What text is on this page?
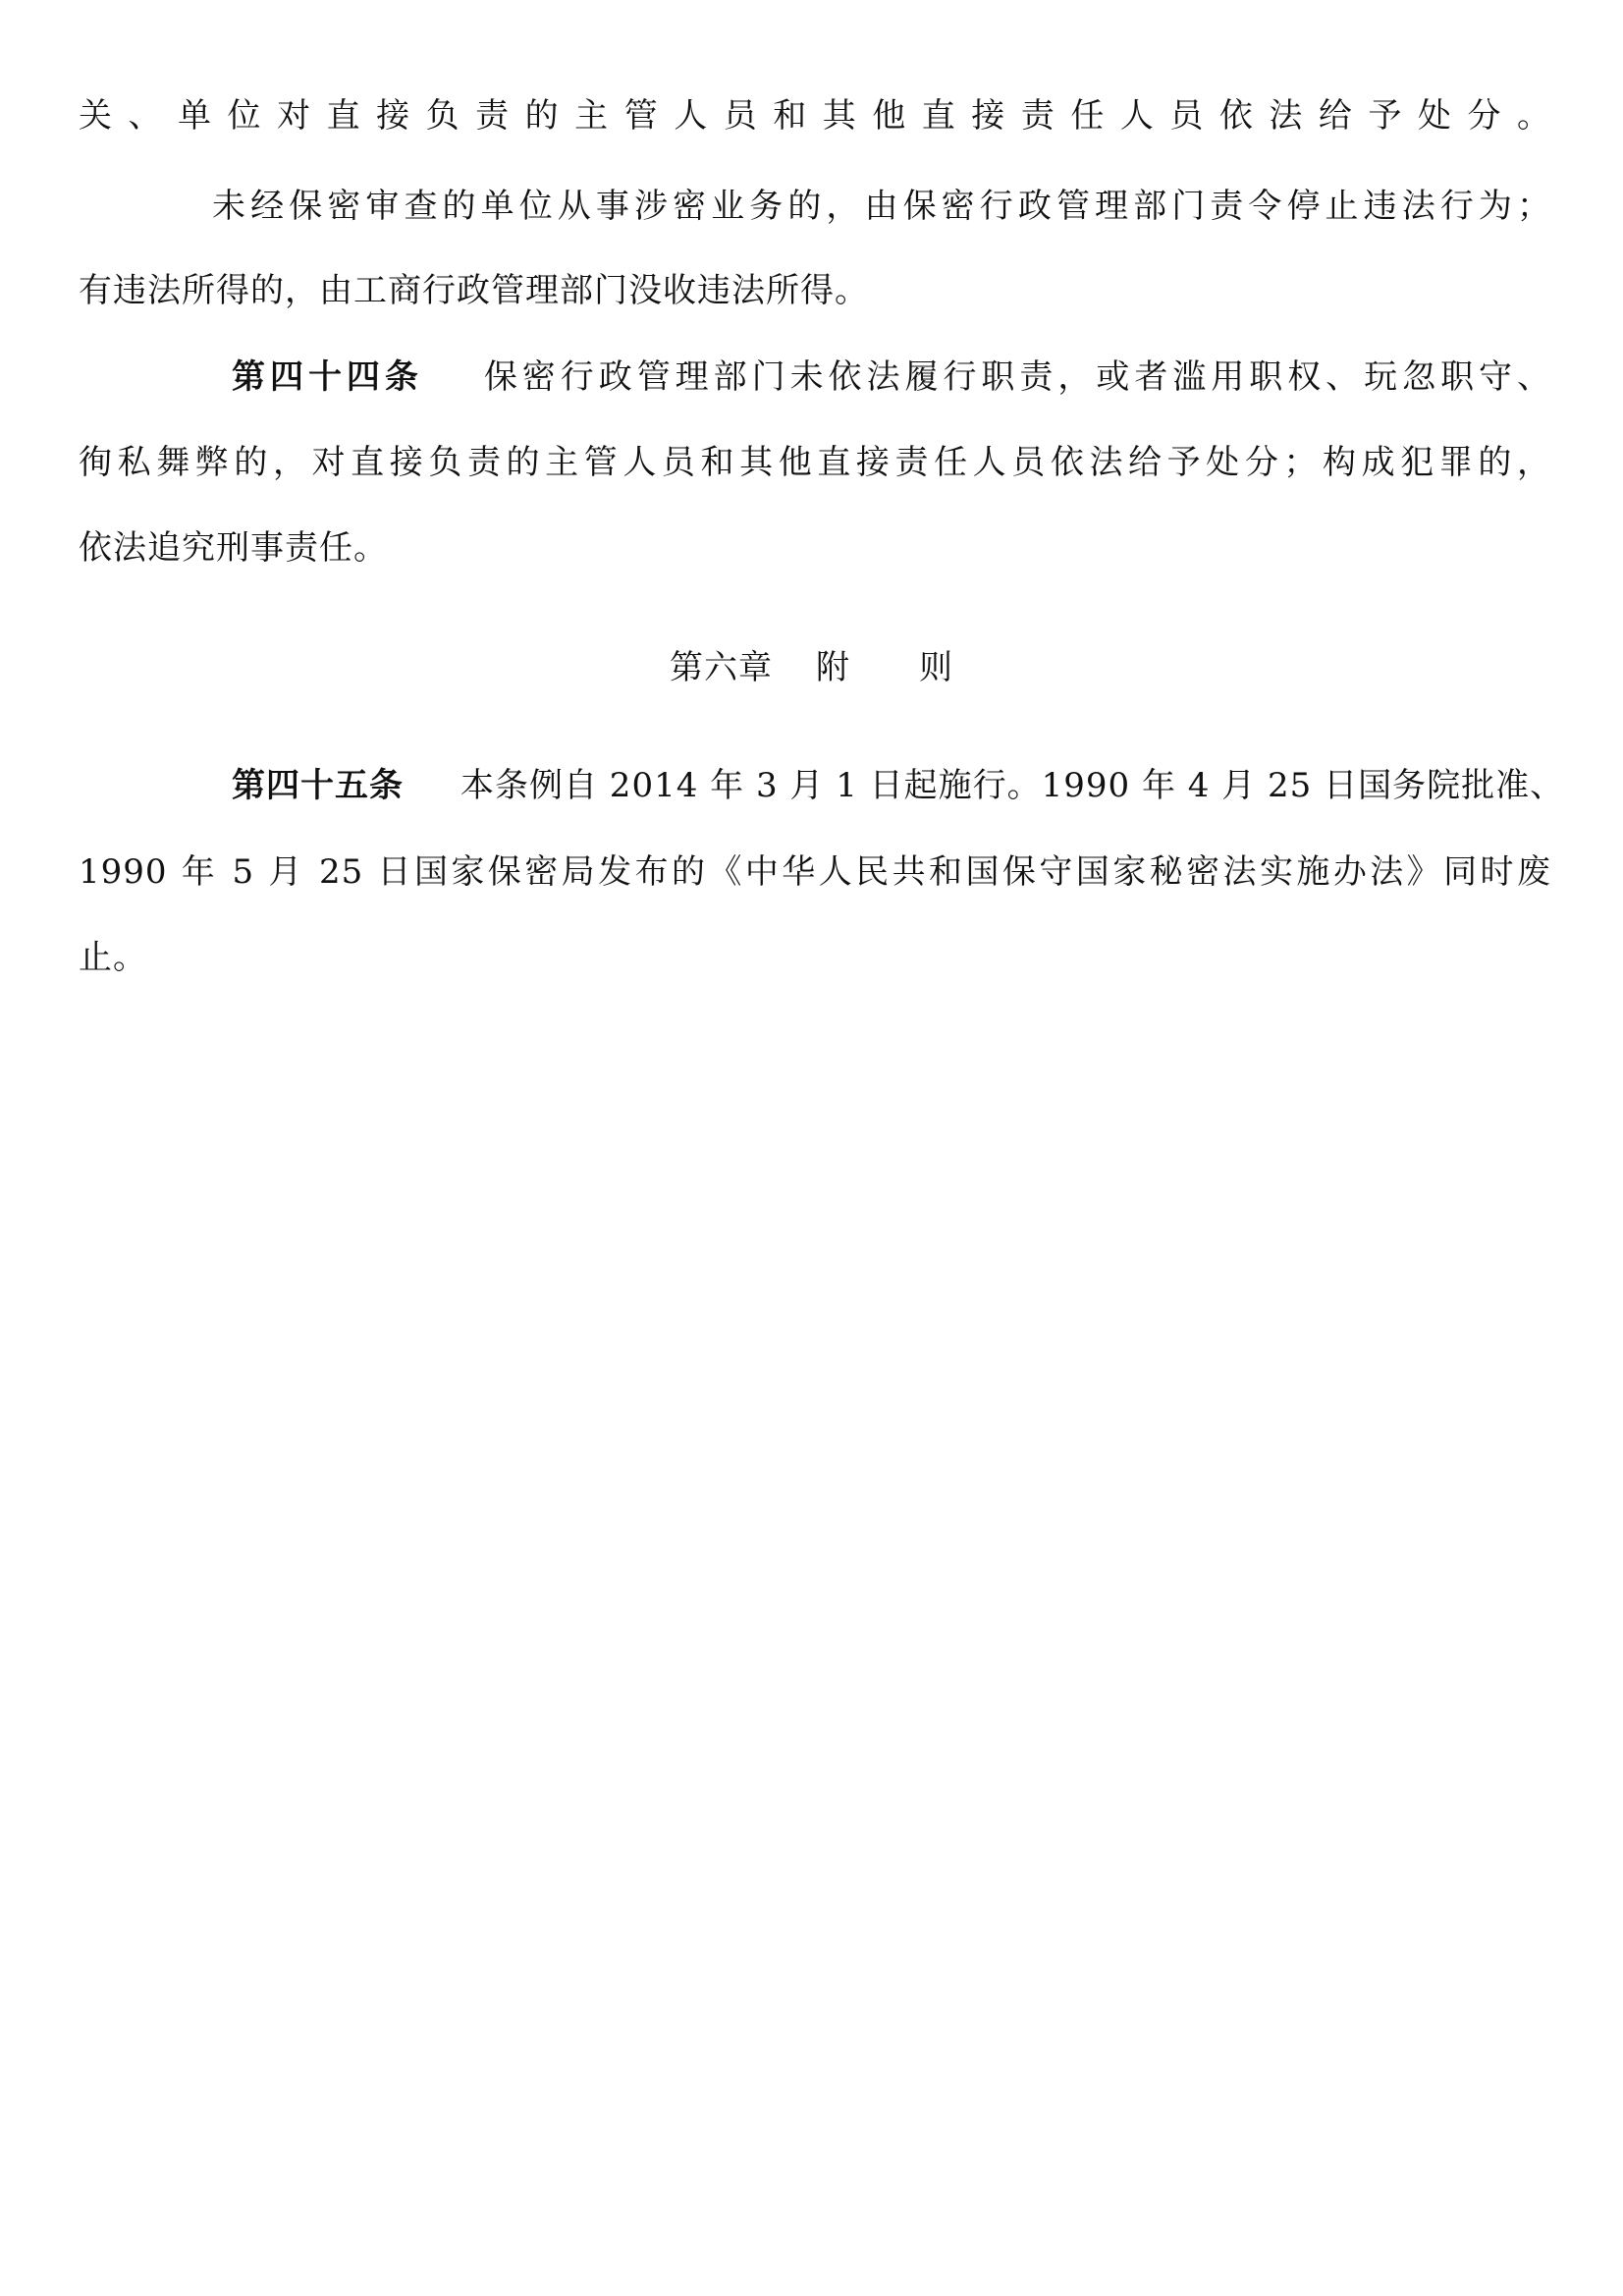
关、单位对直接负责的主管人员和其他直接责任人员依法给予处分。
未经保密审查的单位从事涉密业务的，由保密行政管理部门责令停止违法行为；
有违法所得的，由工商行政管理部门没收违法所得。
第四十四条 保密行政管理部门未依法履行职责，或者滥用职权、玩忽职守、
徇私舞弊的，对直接负责的主管人员和其他直接责任人员依法给予处分；构成犯罪的，
依法追究刑事责任。
第六章 附 则
第四十五条 本条例自 2014 年 3 月 1 日起施行。1990 年 4 月 25 日国务院批准、
1990 年 5 月 25 日国家保密局发布的《中华人民共和国保守国家秘密法实施办法》同时废
止。
